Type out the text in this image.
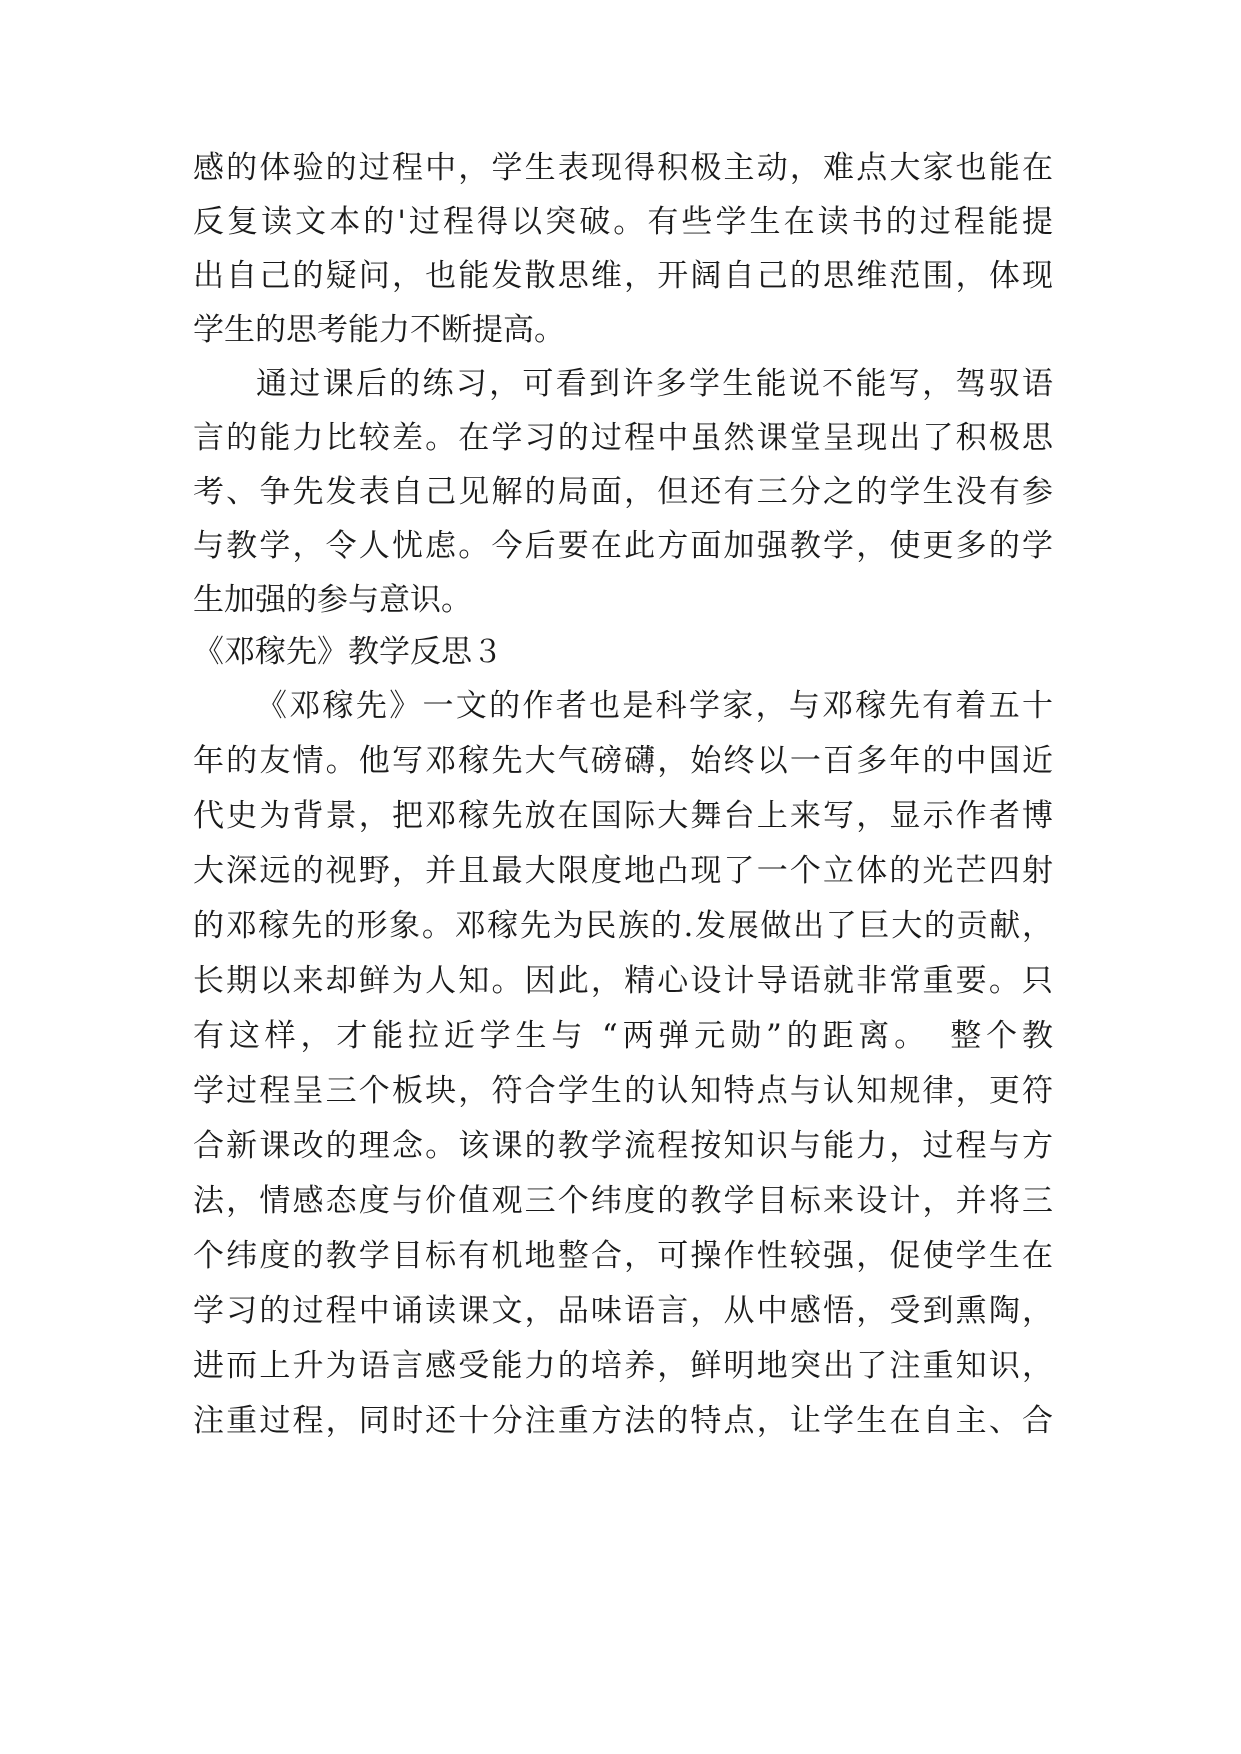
感的体验的过程中，学生表现得积极主动，难点大家也能在

反复读文本的'过程得以突破。有些学生在读书的过程能提

出自己的疑问，也能发散思维，开阔自己的思维范围，体现

学生的思考能力不断提高。

通过课后的练习，可看到许多学生能说不能写，驾驭语

言的能力比较差。在学习的过程中虽然课堂呈现出了积极思

考、争先发表自己见解的局面，但还有三分之的学生没有参

与教学，令人忧虑。今后要在此方面加强教学，使更多的学

生加强的参与意识。

《邓稼先》教学反思３

《邓稼先》一文的作者也是科学家，与邓稼先有着五十

年的友情。他写邓稼先大气磅礴，始终以一百多年的中国近

代史为背景，把邓稼先放在国际大舞台上来写，显示作者博

大深远的视野，并且最大限度地凸现了一个立体的光芒四射

的邓稼先的形象。邓稼先为民族的.发展做出了巨大的贡献，

长期以来却鲜为人知。因此，精心设计导语就非常重要。只

有这样，才能拉近学生与 “两弹元勋”的距离。　整个教

学过程呈三个板块，符合学生的认知特点与认知规律，更符

合新课改的理念。该课的教学流程按知识与能力，过程与方

法，情感态度与价值观三个纬度的教学目标来设计，并将三

个纬度的教学目标有机地整合，可操作性较强，促使学生在

学习的过程中诵读课文，品味语言，从中感悟，受到熏陶，

进而上升为语言感受能力的培养，鲜明地突出了注重知识，

注重过程，同时还十分注重方法的特点，让学生在自主、合
